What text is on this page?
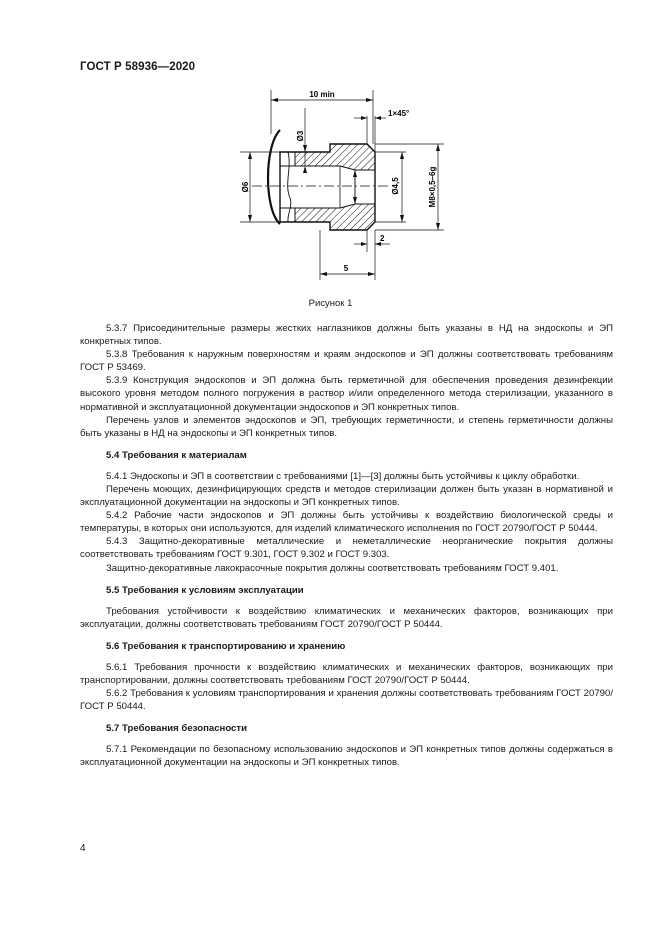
ГОСТ Р 58936—2020
10 min
1×45°
Ø3
Ø6	Ø4,5	M8×0,5–6g
2
5
Рисунок 1

5.3.7 Присоединительные размеры жестких наглазников должны быть указаны в НД на эндоскопы и ЭП конкретных типов.

5.3.8 Требования к наружным поверхностям и краям эндоскопов и ЭП должны соответствовать требованиям ГОСТ Р 53469.

5.3.9 Конструкция эндоскопов и ЭП должна быть герметичной для обеспечения проведения дезинфекции высокого уровня методом полного погружения в раствор и/или определенного метода стерилизации, указанного в нормативной и эксплуатационной документации эндоскопов и ЭП конкретных типов.

Перечень узлов и элементов эндоскопов и ЭП, требующих герметичности, и степень герметичности должны быть указаны в НД на эндоскопы и ЭП конкретных типов.

5.4 Требования к материалам

5.4.1 Эндоскопы и ЭП в соответствии с требованиями [1]—[3] должны быть устойчивы к циклу обработки.

Перечень моющих, дезинфицирующих средств и методов стерилизации должен быть указан в нормативной и эксплуатационной документации на эндоскопы и ЭП конкретных типов.

5.4.2 Рабочие части эндоскопов и ЭП должны быть устойчивы к воздействию биологической среды и температуры, в которых они используются, для изделий климатического исполнения по ГОСТ 20790/ГОСТ Р 50444.

5.4.3 Защитно-декоративные металлические и неметаллические неорганические покрытия должны соответствовать требованиям ГОСТ 9.301, ГОСТ 9.302 и ГОСТ 9.303.

Защитно-декоративные лакокрасочные покрытия должны соответствовать требованиям ГОСТ 9.401.

5.5 Требования к условиям эксплуатации

Требования устойчивости к воздействию климатических и механических факторов, возникающих при эксплуатации, должны соответствовать требованиям ГОСТ 20790/ГОСТ Р 50444.

5.6 Требования к транспортированию и хранению

5.6.1 Требования прочности к воздействию климатических и механических факторов, возникающих при транспортировании, должны соответствовать требованиям ГОСТ 20790/ГОСТ Р 50444.

5.6.2 Требования к условиям транспортирования и хранения должны соответствовать требованиям ГОСТ 20790/ГОСТ Р 50444.

5.7 Требования безопасности

5.7.1 Рекомендации по безопасному использованию эндоскопов и ЭП конкретных типов должны содержаться в эксплуатационной документации на эндоскопы и ЭП конкретных типов.

4
